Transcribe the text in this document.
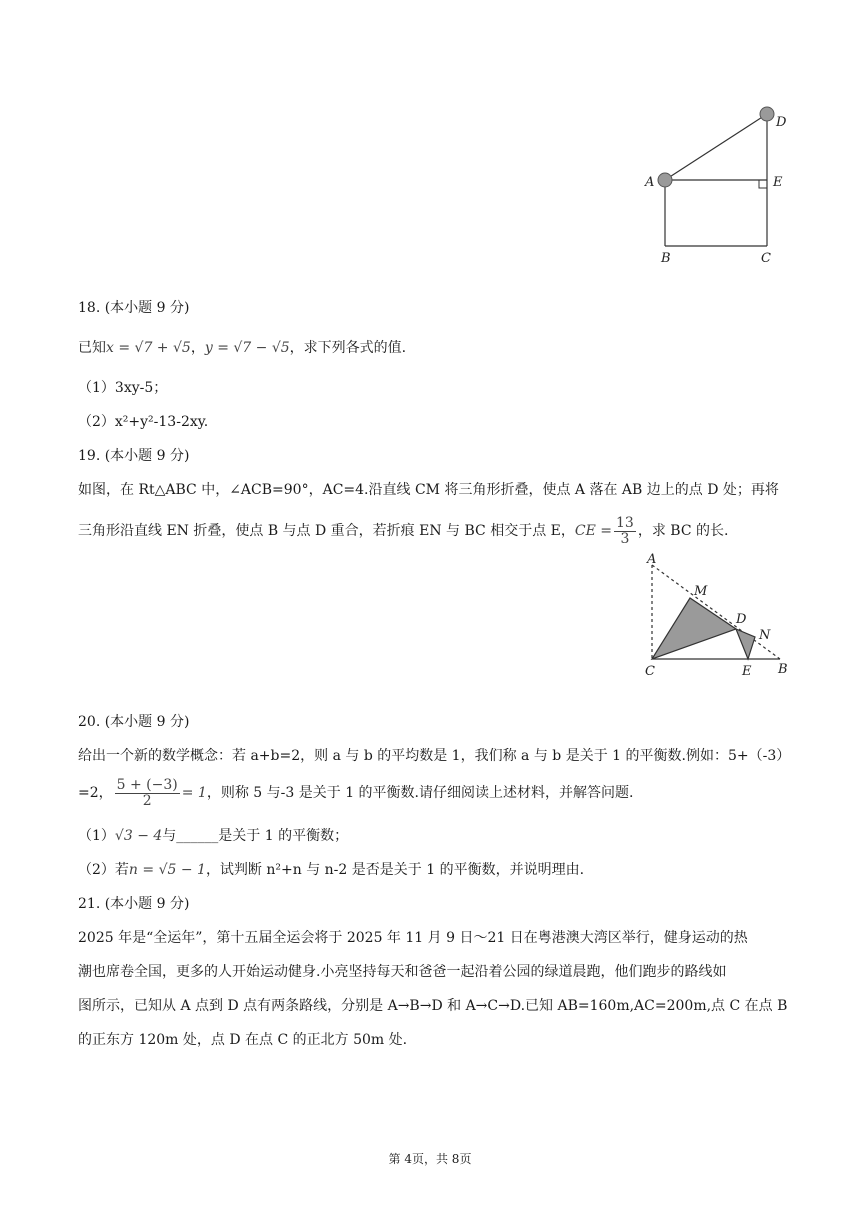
A
D
E
B	C
18. (本小题 9 分)
已知x = √7 + √5，y = √7 − √5，求下列各式的值.
（1）3xy-5；
（2）x²+y²-13-2xy.
19. (本小题 9 分)
如图，在 Rt△ABC 中，∠ACB=90°，AC=4.沿直线 CM 将三角形折叠，使点 A 落在 AB 边上的点 D 处；再将
三角形沿直线 EN 折叠，使点 B 与点 D 重合，若折痕 EN 与 BC 相交于点 E，CE = $\frac{13}{3}$ ，求 BC 的长.
A
M
D
N
C	E B
20. (本小题 9 分)
给出一个新的数学概念：若 a+b=2，则 a 与 b 的平均数是 1，我们称 a 与 b 是关于 1 的平衡数.例如：5+（-3）
=2， $\frac{5 + (-3)}{2} = 1$，则称 5 与-3 是关于 1 的平衡数.请仔细阅读上述材料，并解答问题.
（1）√3 − 4与______是关于 1 的平衡数；
（2）若n = √5 − 1，试判断 n²+n 与 n-2 是否是关于 1 的平衡数，并说明理由.
21. (本小题 9 分)
2025 年是“全运年”，第十五届全运会将于 2025 年 11 月 9 日～21 日在粤港澳大湾区举行，健身运动的热
潮也席卷全国，更多的人开始运动健身.小亮坚持每天和爸爸一起沿着公园的绿道晨跑，他们跑步的路线如
图所示，已知从 A 点到 D 点有两条路线，分别是 A→B→D 和 A→C→D.已知 AB=160m,AC=200m,点 C 在点 B
的正东方 120m 处，点 D 在点 C 的正北方 50m 处.
第 4页，共 8页
